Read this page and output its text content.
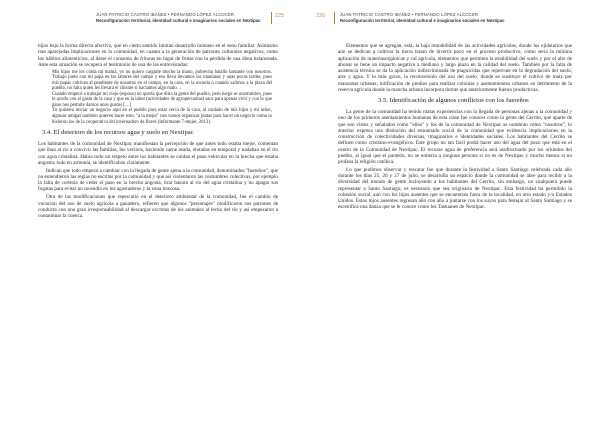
JUAN PATRICIO CASTRO IBÁÑEZ • FERNANDO LÓPEZ ALCOCER
Reconfiguración territorial, identidad cultural e imaginarios sociales en Nextipac
225

hijos bajo la forma directa afectiva, que en cierto sentido limitan desarrollo humano en el seno familiar. Asimismo trae aparejadas implicaciones en la comunidad, en cuanto a la generación de patrones culturales negativos, como los hábitos alimenticios, al darse el consumo de frituras en lugar de frutas con la pérdida de una dieta balanceada. Ante esta situación se recupera el testimonio de una de las entrevistadas:

Mis hijos me los cuida mi mamá, yo no quiero cargarle mucho la mano, pobrecita batallo bastante con nosotros. Trabajo junto con mi papá en las labores del campo y eso lleva llevamos las maníanas y unas pocas tardes, pues mis papás cultivan al pendiente de nosotros en el campo, en la casa, en la escuela o cuando salimos a la plaza del pueblo, no falta quien les llevará el chisme si hacíamos algo malo…

Cuando empecé a trabajar mi viejo (esposo) no quería que diría la gente del pueblo, pero luego se acostumbro, pues le ayudo con el gasto de la casa y que en la labor (actividades de agropecuarias) saca para apenas vivir y con lo que gano nos permite darnos unos gustos […]

Yo quisiera iniciar un negocio aquí en el pueblo para estar cerca de la casa, al cuidado de mis hijos y mi señor, algunas amigas también quieren hacer esto, "a la mejor" nos vamos organizar juntas para hacer un negocio como lo hicieron los de la cooperativa del invernadero de flores (Informante 7-mujer, 2013).

3.4. El deterioro de los recursos agua y suelo en Nextipac

Los habitantes de la comunidad de Nextipac manifiestan la percepción de que antes todo estaba mejor, comentan que iban al río a convivir las familias, los vecinos, haciendo carne asada, elotadas en temporal y nadaban en el río con agua cristalina. Había todo un respeto entre los habitantes se cuidan el paso vehicular en la brecha que estaba angosta, todo en armonía, se identificaban claramente.

Indican que todo empezó a cambiar con la llegada de gente ajena a la comunidad, denominados "fuereños", que no entendieron las reglas no escritas por la comunidad y que así violentaron las costumbres colectivas, por ejemplo la falta de cortesía de ceder el paso en la brecha angosta, tirar basura al río del agua cristalina y no apagar sus fogatas para evitar un incendio en los agostaderos y la zona boscosa.

Otra de las modificaciones que repercutió en el deterioro ambiental de la comunidad, fue el cambio de vocación del uso de suelo agrícola a ganadero, refieren que algunos "personajes" modificaron sus patrones de conducta con una gran irresponsabilidad al descargar excretas de los animales al lecho del río y así empezaron a contaminar la cuenca.

226	JUAN PATRICIO CASTRO IBÁÑEZ • FERNANDO LÓPEZ ALCOCER
Reconfiguración territorial, identidad cultural e imaginarios sociales en Nextipac

Elementos que se agregan, está, la baja rentabilidad de las actividades agrícolas, donde los ejidatarios que aún se dedican a cultivar la tierra tratan de invertir poco en el proceso productivo, como sería la mínima aplicación de materiasorgánicas y cal agrícola, elementos que permiten la estabilidad del suelo y por el alto de abonar se tiene un impacto negativo a mediano y largo plazo en la calidad del suelo. También por la falta de asistencia técnica se da la aplicación indiscriminada de plaguicidas que repercute en la degradación del suelo, aire y agua. Y lo más grave, la reconversión del uso del suelo, donde se sustituye el cultivo de maíz por manzanas urbanas; lotificación de predios para realizar colonias y asentamientos urbanos en detrimento de la reserva agrícola donde la mancha urbana incorpora tierras que anteriormente fueron productivas.

3.5. Identificación de algunos conflictos con los fuereños

La gente de la comunidad ha tenido malas experiencias con la llegada de personas ajenas a la comunidad y uno de los primeros asentamientos humanos de esta clase fue conocer como la gente del Cerrito, que aparte de que son vistos y señalados como "ellos" y los de la comunidad de Nextipac se nombran como "nosotros", lo anterior expresa una distinción del entramado social de la comunidad que evidencia implicaciones en la construcción de colectividades diversas, imaginarios e identidades sociales. Los habitantes del Cerrito se definen como cristiano-evangélicos. Este grupo no tan fácil podrá hacer uso del agua del pozo que está en el centro de la Comunidad de Nextipac. El recurso agua de preferencia será usufructuado por los oriundos del pueblo, al igual que el panteón, no se entierra a ninguna persona si no es de Nextipac y mucho menos si no profesa la religión católica.

Lo que pudimos observar y rescatar fue que durante la festividad a Santo Santiago celebrada cada año durante los días 25, 26 y 27 de julio, se desarrolla un espacio donde la comunidad se abre para recibir a la diversidad del mundo de gente incluyendo a los habitantes del Cerrito, sin embargo, no cualquiera puede representar a Santo Santiago, es necesario que sea originario de Nextipac. Esta festividad ha permitido la cohesión social, aun con los hijos ausentes que se encuentran fuera de la localidad, en otro estado y/o Estados Unidos. Estos hijos ausentes regresan año con año a juntarse con los suyos para festejar al Santo Santiago y se escenifica una danza que se le conoce como los Tastuanes de Nextipac.
